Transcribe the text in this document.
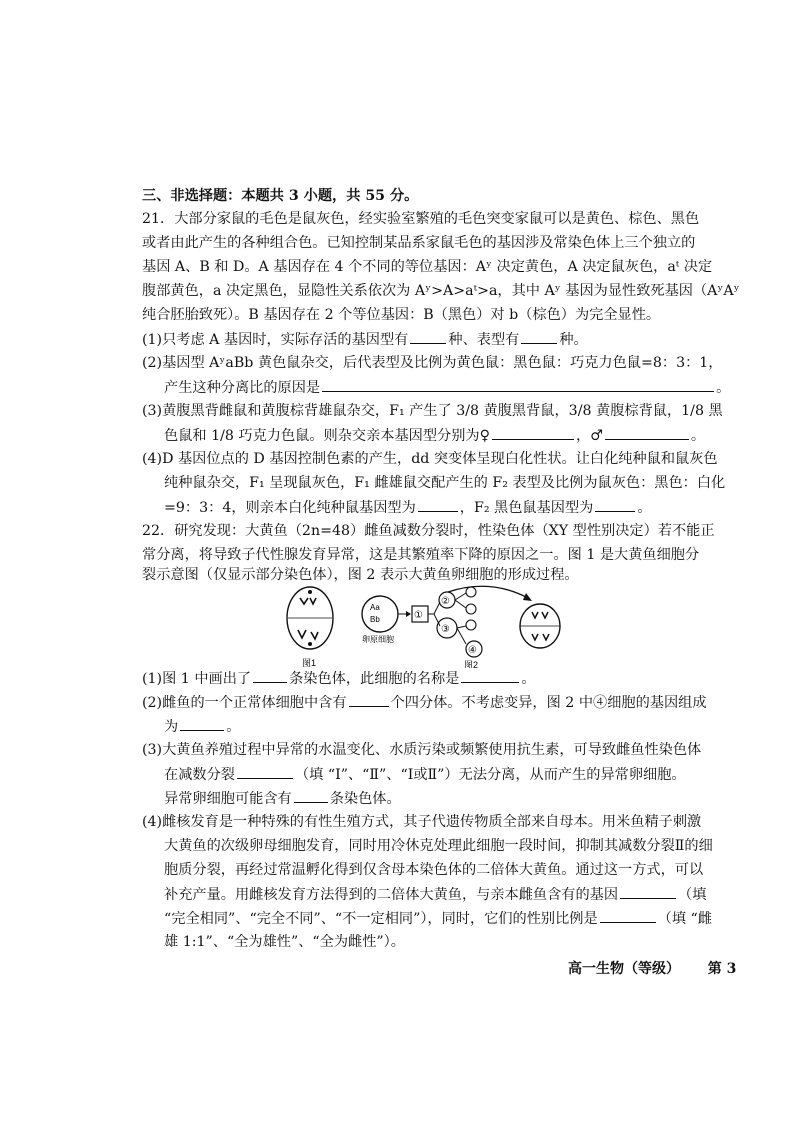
三、非选择题：本题共 3 小题，共 55 分。
21．大部分家鼠的毛色是鼠灰色，经实验室繁殖的毛色突变家鼠可以是黄色、棕色、黑色
或者由此产生的各种组合色。已知控制某品系家鼠毛色的基因涉及常染色体上三个独立的
基因 A、B 和 D。A 基因存在 4 个不同的等位基因：Aʸ 决定黄色，A 决定鼠灰色，aᵗ 决定
腹部黄色，a 决定黑色，显隐性关系依次为 Aʸ>A>aᵗ>a，其中 Aʸ 基因为显性致死基因（AʸAʸ
纯合胚胎致死）。B 基因存在 2 个等位基因：B（黑色）对 b（棕色）为完全显性。
(1)只考虑 A 基因时，实际存活的基因型有	种、表型有	种。
(2)基因型 AʸaBb 黄色鼠杂交，后代表型及比例为黄色鼠：黑色鼠：巧克力色鼠=8：3：1，
产生这种分离比的原因是	。
(3)黄腹黑背雌鼠和黄腹棕背雄鼠杂交，F₁ 产生了 3/8 黄腹黑背鼠，3/8 黄腹棕背鼠，1/8 黑
色鼠和 1/8 巧克力色鼠。则杂交亲本基因型分别为♀	，♂	。
(4)D 基因位点的 D 基因控制色素的产生，dd 突变体呈现白化性状。让白化纯种鼠和鼠灰色
纯种鼠杂交，F₁ 呈现鼠灰色，F₁ 雌雄鼠交配产生的 F₂ 表型及比例为鼠灰色：黑色：白化
=9：3：4，则亲本白化纯种鼠基因型为	，F₂ 黑色鼠基因型为	。
22．研究发现：大黄鱼（2n=48）雌鱼减数分裂时，性染色体（XY 型性别决定）若不能正
常分离，将导致子代性腺发育异常，这是其繁殖率下降的原因之一。图 1 是大黄鱼细胞分
裂示意图（仅显示部分染色体），图 2 表示大黄鱼卵细胞的形成过程。
图1
Aa
Bb
卵原细胞
①
②
③
④
图2
(1)图 1 中画出了	条染色体，此细胞的名称是	。
(2)雌鱼的一个正常体细胞中含有	个四分体。不考虑变异，图 2 中④细胞的基因组成
为	。
(3)大黄鱼养殖过程中异常的水温变化、水质污染或频繁使用抗生素，可导致雌鱼性染色体
在减数分裂	（填 “Ⅰ”、“Ⅱ”、“Ⅰ或Ⅱ”）无法分离，从而产生的异常卵细胞。
异常卵细胞可能含有	条染色体。
(4)雌核发育是一种特殊的有性生殖方式，其子代遗传物质全部来自母本。用米鱼精子刺激
大黄鱼的次级卵母细胞发育，同时用冷休克处理此细胞一段时间，抑制其减数分裂Ⅱ的细
胞质分裂，再经过常温孵化得到仅含母本染色体的二倍体大黄鱼。通过这一方式，可以
补充产量。用雌核发育方法得到的二倍体大黄鱼，与亲本雌鱼含有的基因	（填
“完全相同”、“完全不同”、“不一定相同”），同时，它们的性别比例是	（填 “雌
雄 1:1”、“全为雄性”、“全为雌性”）。
高一生物（等级） 第 3
